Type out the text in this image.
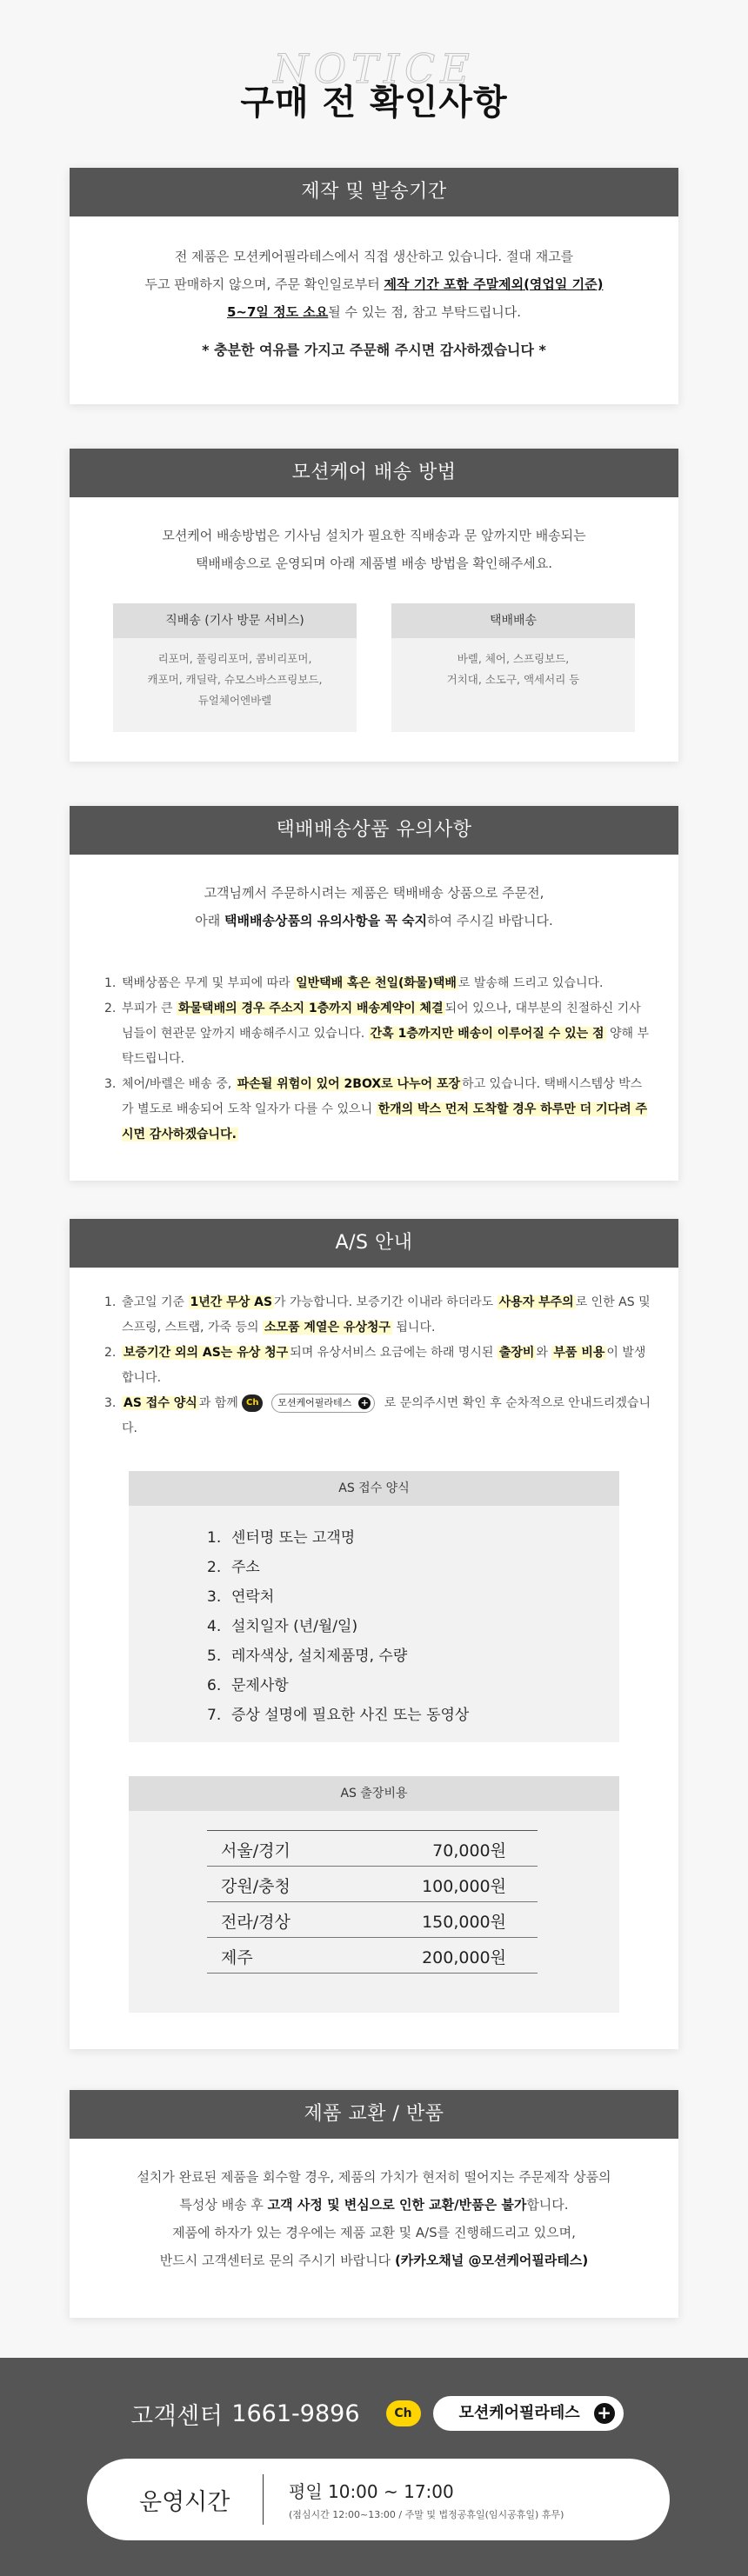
NOTICE
구매 전 확인사항
제작 및 발송기간
전 제품은 모션케어필라테스에서 직접 생산하고 있습니다. 절대 재고를
두고 판매하지 않으며, 주문 확인일로부터 제작 기간 포함 주말제외(영업일 기준)
5~7일 정도 소요될 수 있는 점, 참고 부탁드립니다.
* 충분한 여유를 가지고 주문해 주시면 감사하겠습니다 *
모션케어 배송 방법
모션케어 배송방법은 기사님 설치가 필요한 직배송과 문 앞까지만 배송되는
택배배송으로 운영되며 아래 제품별 배송 방법을 확인해주세요.
직배송 (기사 방문 서비스)
리포머, 풀링리포머, 콤비리포머,
캐포머, 캐딜락, 슈모스바스프링보드,
듀얼체어엔바렐
택배배송
바렐, 체어, 스프링보드,
거치대, 소도구, 액세서리 등
택배배송상품 유의사항
고객님께서 주문하시려는 제품은 택배배송 상품으로 주문전,
아래 택배배송상품의 유의사항을 꼭 숙지하여 주시길 바랍니다.
1. 택배상품은 무게 및 부피에 따라 일반택배 혹은 천일(화물)택배 로 발송해 드리고 있습니다.
2. 부피가 큰 화물택배의 경우 주소지 1층까지 배송계약이 체결 되어 있으나, 대부분의 친절하신 기사님들이 현관문 앞까지 배송해주시고 있습니다. 간혹 1층까지만 배송이 이루어질 수 있는 점 양해 부탁드립니다.
3. 체어/바렐은 배송 중, 파손될 위험이 있어 2BOX로 나누어 포장 하고 있습니다. 택배시스템상 박스가 별도로 배송되어 도착 일자가 다를 수 있으니 한개의 박스 먼저 도착할 경우 하루만 더 기다려 주시면 감사하겠습니다.
A/S 안내
1. 출고일 기준 1년간 무상 AS 가 가능합니다. 보증기간 이내라 하더라도 사용자 부주의 로 인한 AS 및 스프링, 스트랩, 가죽 등의 소모품 계열은 유상청구 됩니다.
2. 보증기간 외의 AS는 유상 청구 되며 유상서비스 요금에는 하래 명시된 출장비 와 부품 비용 이 발생합니다.
3. AS 접수 양식 과 함께 Ch 모션케어필라테스 + 로 문의주시면 확인 후 순차적으로 안내드리겠습니다.
AS 접수 양식
1. 센터명 또는 고객명
2. 주소
3. 연락처
4. 설치일자 (년/월/일)
5. 레자색상, 설치제품명, 수량
6. 문제사항
7. 증상 설명에 필요한 사진 또는 동영상
AS 출장비용
서울/경기	70,000원
강원/충청	100,000원
전라/경상	150,000원
제주	200,000원
제품 교환 / 반품
설치가 완료된 제품을 회수할 경우, 제품의 가치가 현저히 떨어지는 주문제작 상품의
특성상 배송 후 고객 사정 및 변심으로 인한 교환/반품은 불가합니다.
제품에 하자가 있는 경우에는 제품 교환 및 A/S를 진행해드리고 있으며,
반드시 고객센터로 문의 주시기 바랍니다 (카카오채널 @모션케어필라테스)
고객센터 1661-9896	Ch	모션케어필라테스 +
운영시간	평일 10:00 ~ 17:00
(점심시간 12:00~13:00 / 주말 및 법정공휴일(임시공휴일) 휴무)
